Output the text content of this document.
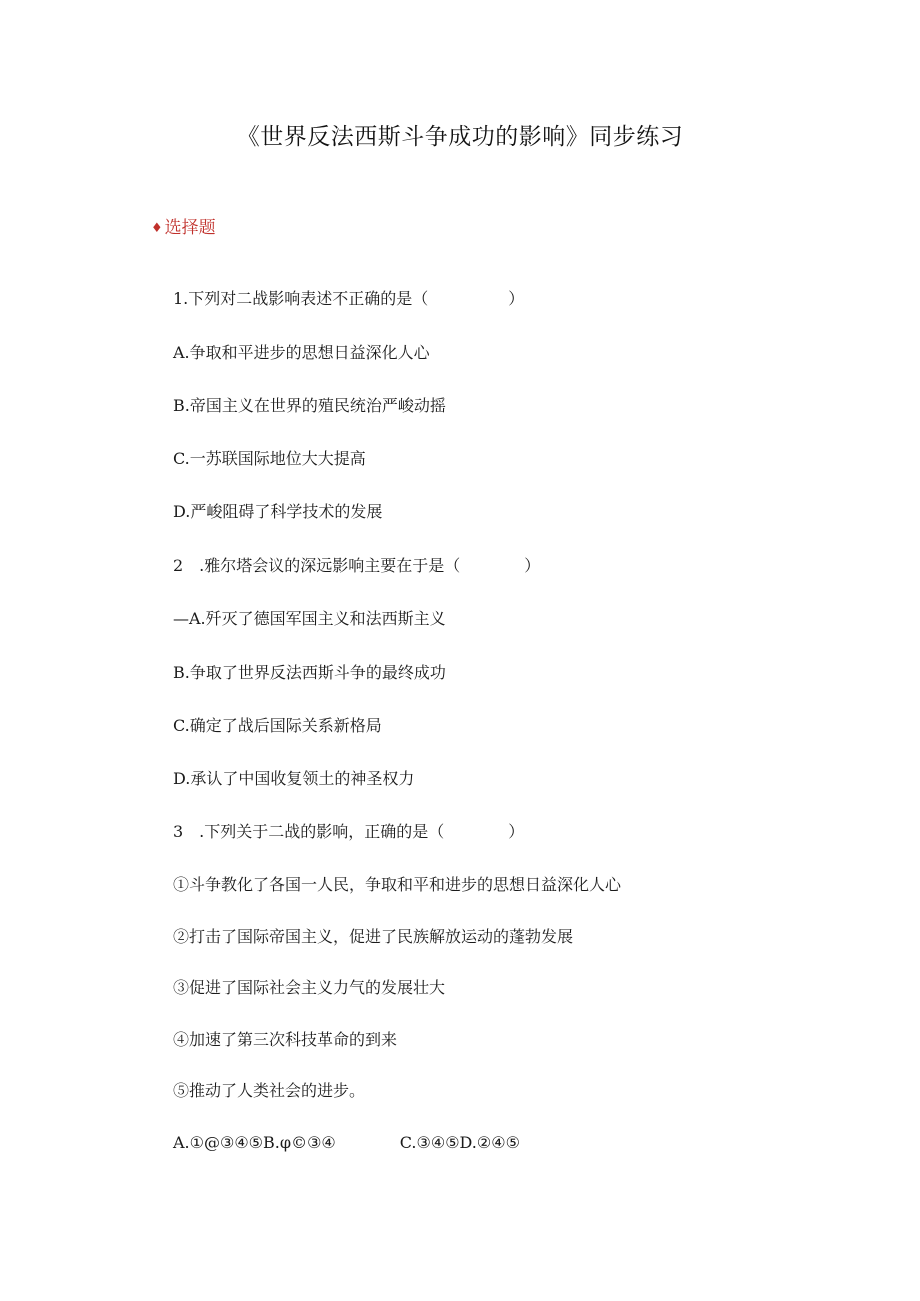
《世界反法西斯斗争成功的影响》同步练习
♦ 选择题
1.下列对二战影响表述不正确的是（　　　　　）
A.争取和平进步的思想日益深化人心
B.帝国主义在世界的殖民统治严峻动摇
C.一苏联国际地位大大提高
D.严峻阻碍了科学技术的发展
2　.雅尔塔会议的深远影响主要在于是（　　　　）
—A.歼灭了德国军国主义和法西斯主义
B.争取了世界反法西斯斗争的最终成功
C.确定了战后国际关系新格局
D.承认了中国收复领土的神圣权力
3　.下列关于二战的影响，正确的是（　　　　）
①斗争教化了各国一人民，争取和平和进步的思想日益深化人心
②打击了国际帝国主义，促进了民族解放运动的蓬勃发展
③促进了国际社会主义力气的发展壮大
④加速了第三次科技革命的到来
⑤推动了人类社会的进步。
A.①@③④⑤B.φ©③④　　　　C.③④⑤D.②④⑤
